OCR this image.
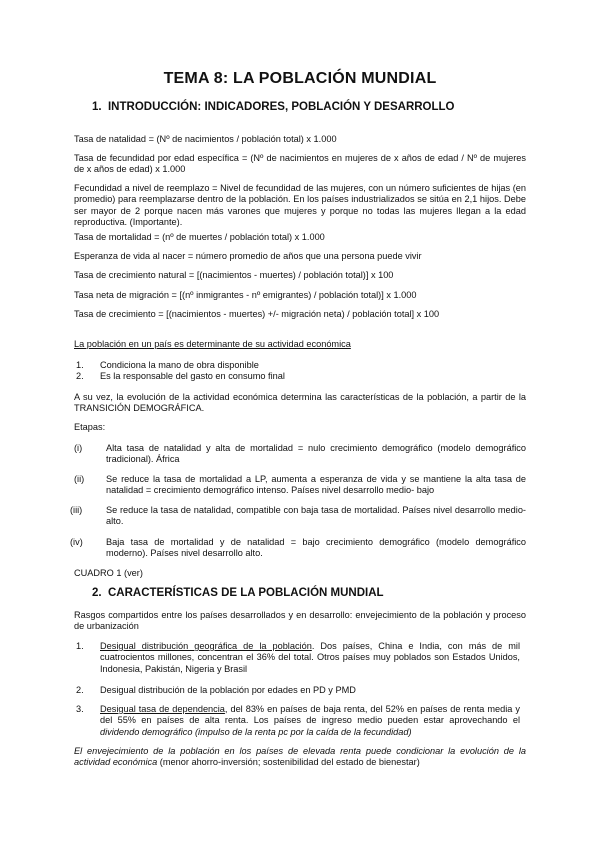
TEMA 8: LA POBLACIÓN MUNDIAL
1. INTRODUCCIÓN: INDICADORES, POBLACIÓN Y DESARROLLO
Tasa de natalidad = (Nº de nacimientos / población total) x 1.000
Tasa de fecundidad por edad específica = (Nº de nacimientos en mujeres de x años de edad / Nº de mujeres de x años de edad) x 1.000
Fecundidad a nivel de reemplazo = Nivel de fecundidad de las mujeres, con un número suficientes de hijas (en promedio) para reemplazarse dentro de la población. En los países industrializados se sitúa en 2,1 hijos. Debe ser mayor de 2 porque nacen más varones que mujeres y porque no todas las mujeres llegan a la edad reproductiva. (Importante).
Tasa de mortalidad = (nº de muertes / población total) x 1.000
Esperanza de vida al nacer = número promedio de años que una persona puede vivir
Tasa de crecimiento natural = [(nacimientos - muertes) / población total)] x 100
Tasa neta de migración = [(nº inmigrantes - nº emigrantes) / población total)] x 1.000
Tasa de crecimiento = [(nacimientos - muertes) +/- migración neta) / población total] x 100
La población en un país es determinante de su actividad económica
1. Condiciona la mano de obra disponible
2. Es la responsable del gasto en consumo final
A su vez, la evolución de la actividad económica determina las características de la población, a partir de la TRANSICIÓN DEMOGRÁFICA.
Etapas:
(i)	Alta tasa de natalidad y alta de mortalidad = nulo crecimiento demográfico (modelo demográfico tradicional). África
(ii) Se reduce la tasa de mortalidad a LP, aumenta a esperanza de vida y se mantiene la alta tasa de natalidad = crecimiento demográfico intenso. Países nivel desarrollo medio- bajo
(iii)	Se reduce la tasa de natalidad, compatible con baja tasa de mortalidad. Países nivel desarrollo medio-alto.
(iv)	Baja tasa de mortalidad y de natalidad = bajo crecimiento demográfico (modelo demográfico moderno). Países nivel desarrollo alto.
CUADRO 1 (ver)
2. CARACTERÍSTICAS DE LA POBLACIÓN MUNDIAL
Rasgos compartidos entre los países desarrollados y en desarrollo: envejecimiento de la población y proceso de urbanización
1. Desigual distribución geográfica de la población. Dos países, China e India, con más de mil cuatrocientos millones, concentran el 36% del total. Otros países muy poblados son Estados Unidos, Indonesia, Pakistán, Nigeria y Brasil
2. Desigual distribución de la población por edades en PD y PMD
3. Desigual tasa de dependencia, del 83% en países de baja renta, del 52% en países de renta media y del 55% en países de alta renta. Los países de ingreso medio pueden estar aprovechando el dividendo demográfico (impulso de la renta pc por la caída de la fecundidad)
El envejecimiento de la población en los países de elevada renta puede condicionar la evolución de la actividad económica (menor ahorro-inversión; sostenibilidad del estado de bienestar)
